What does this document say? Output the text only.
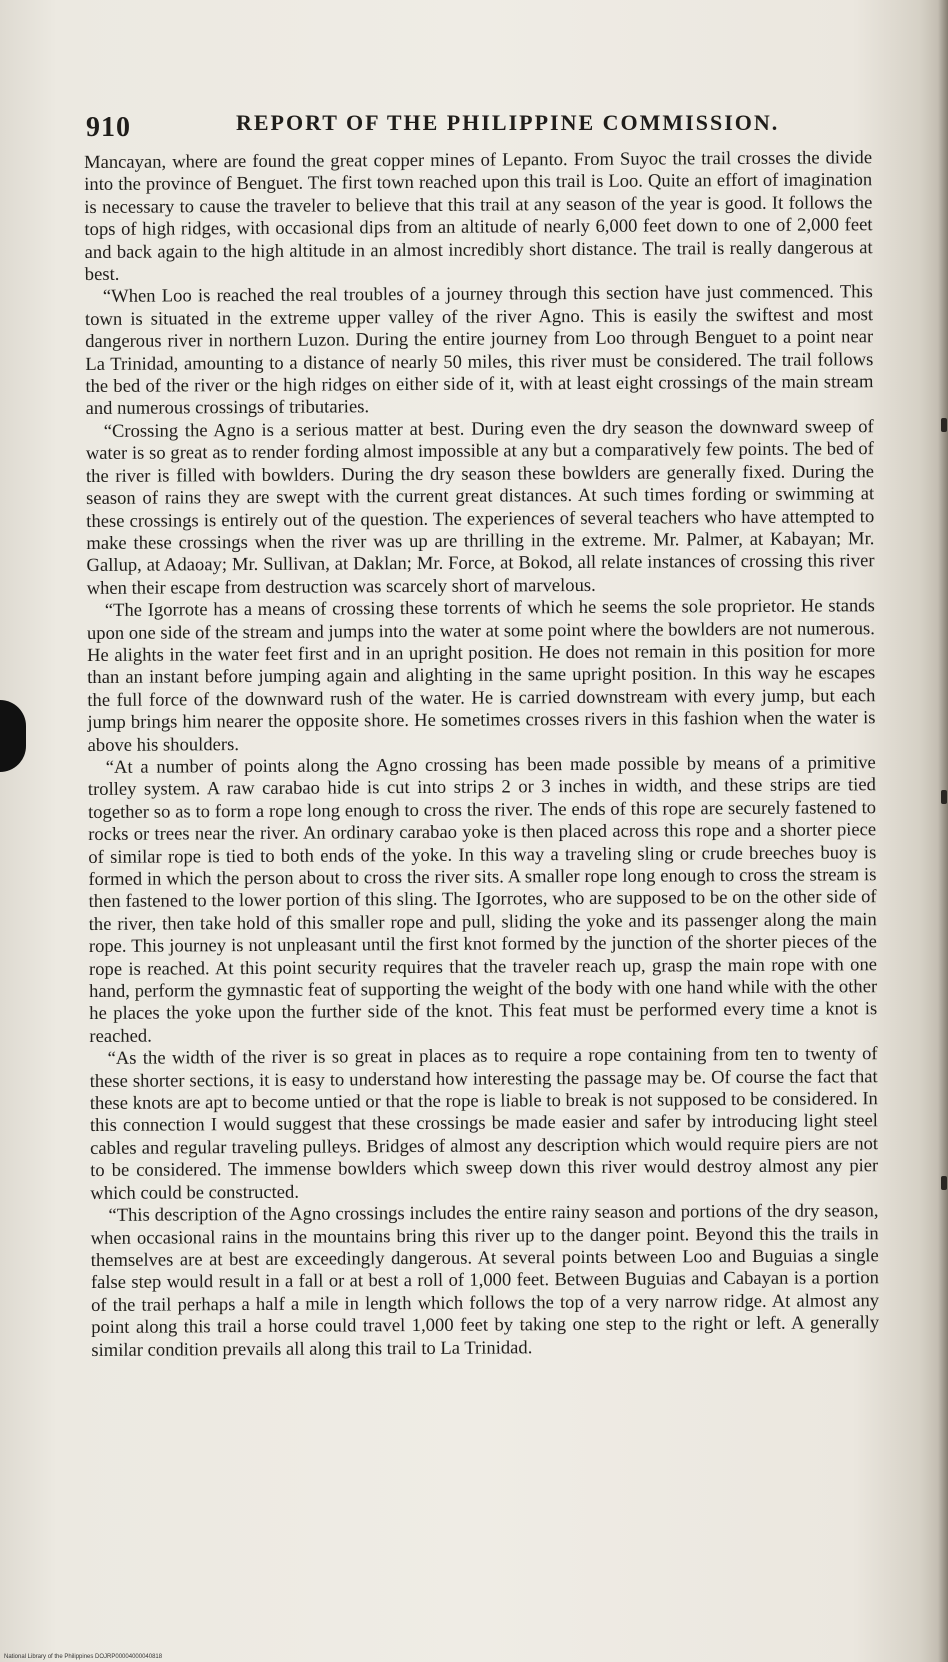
910	REPORT OF THE PHILIPPINE COMMISSION.

Mancayan, where are found the great copper mines of Lepanto. From Suyoc the trail crosses the divide into the province of Benguet. The first town reached upon this trail is Loo. Quite an effort of imagination is necessary to cause the traveler to believe that this trail at any season of the year is good. It follows the tops of high ridges, with occasional dips from an altitude of nearly 6,000 feet down to one of 2,000 feet and back again to the high altitude in an almost incredibly short distance. The trail is really dangerous at best.

“When Loo is reached the real troubles of a journey through this section have just commenced. This town is situated in the extreme upper valley of the river Agno. This is easily the swiftest and most dangerous river in northern Luzon. During the entire journey from Loo through Benguet to a point near La Trinidad, amounting to a distance of nearly 50 miles, this river must be considered. The trail follows the bed of the river or the high ridges on either side of it, with at least eight crossings of the main stream and numerous crossings of tributaries.

“Crossing the Agno is a serious matter at best. During even the dry season the downward sweep of water is so great as to render fording almost impossible at any but a comparatively few points. The bed of the river is filled with bowlders. During the dry season these bowlders are generally fixed. During the season of rains they are swept with the current great distances. At such times fording or swimming at these crossings is entirely out of the question. The experiences of several teachers who have attempted to make these crossings when the river was up are thrilling in the extreme. Mr. Palmer, at Kabayan; Mr. Gallup, at Adaoay; Mr. Sullivan, at Daklan; Mr. Force, at Bokod, all relate instances of crossing this river when their escape from destruction was scarcely short of marvelous.

“The Igorrote has a means of crossing these torrents of which he seems the sole proprietor. He stands upon one side of the stream and jumps into the water at some point where the bowlders are not numerous. He alights in the water feet first and in an upright position. He does not remain in this position for more than an instant before jumping again and alighting in the same upright position. In this way he escapes the full force of the downward rush of the water. He is carried downstream with every jump, but each jump brings him nearer the opposite shore. He sometimes crosses rivers in this fashion when the water is above his shoulders.

“At a number of points along the Agno crossing has been made possible by means of a primitive trolley system. A raw carabao hide is cut into strips 2 or 3 inches in width, and these strips are tied together so as to form a rope long enough to cross the river. The ends of this rope are securely fastened to rocks or trees near the river. An ordinary carabao yoke is then placed across this rope and a shorter piece of similar rope is tied to both ends of the yoke. In this way a traveling sling or crude breeches buoy is formed in which the person about to cross the river sits. A smaller rope long enough to cross the stream is then fastened to the lower portion of this sling. The Igorrotes, who are supposed to be on the other side of the river, then take hold of this smaller rope and pull, sliding the yoke and its passenger along the main rope. This journey is not unpleasant until the first knot formed by the junction of the shorter pieces of the rope is reached. At this point security requires that the traveler reach up, grasp the main rope with one hand, perform the gymnastic feat of supporting the weight of the body with one hand while with the other he places the yoke upon the further side of the knot. This feat must be performed every time a knot is reached.

“As the width of the river is so great in places as to require a rope containing from ten to twenty of these shorter sections, it is easy to understand how interesting the passage may be. Of course the fact that these knots are apt to become untied or that the rope is liable to break is not supposed to be considered. In this connection I would suggest that these crossings be made easier and safer by introducing light steel cables and regular traveling pulleys. Bridges of almost any description which would require piers are not to be considered. The immense bowlders which sweep down this river would destroy almost any pier which could be constructed.

“This description of the Agno crossings includes the entire rainy season and portions of the dry season, when occasional rains in the mountains bring this river up to the danger point. Beyond this the trails in themselves are at best are exceedingly dangerous. At several points between Loo and Buguias a single false step would result in a fall or at best a roll of 1,000 feet. Between Buguias and Cabayan is a portion of the trail perhaps a half a mile in length which follows the top of a very narrow ridge. At almost any point along this trail a horse could travel 1,000 feet by taking one step to the right or left. A generally similar condition prevails all along this trail to La Trinidad.

National Library of the Philippines DOJRP00004000040818
